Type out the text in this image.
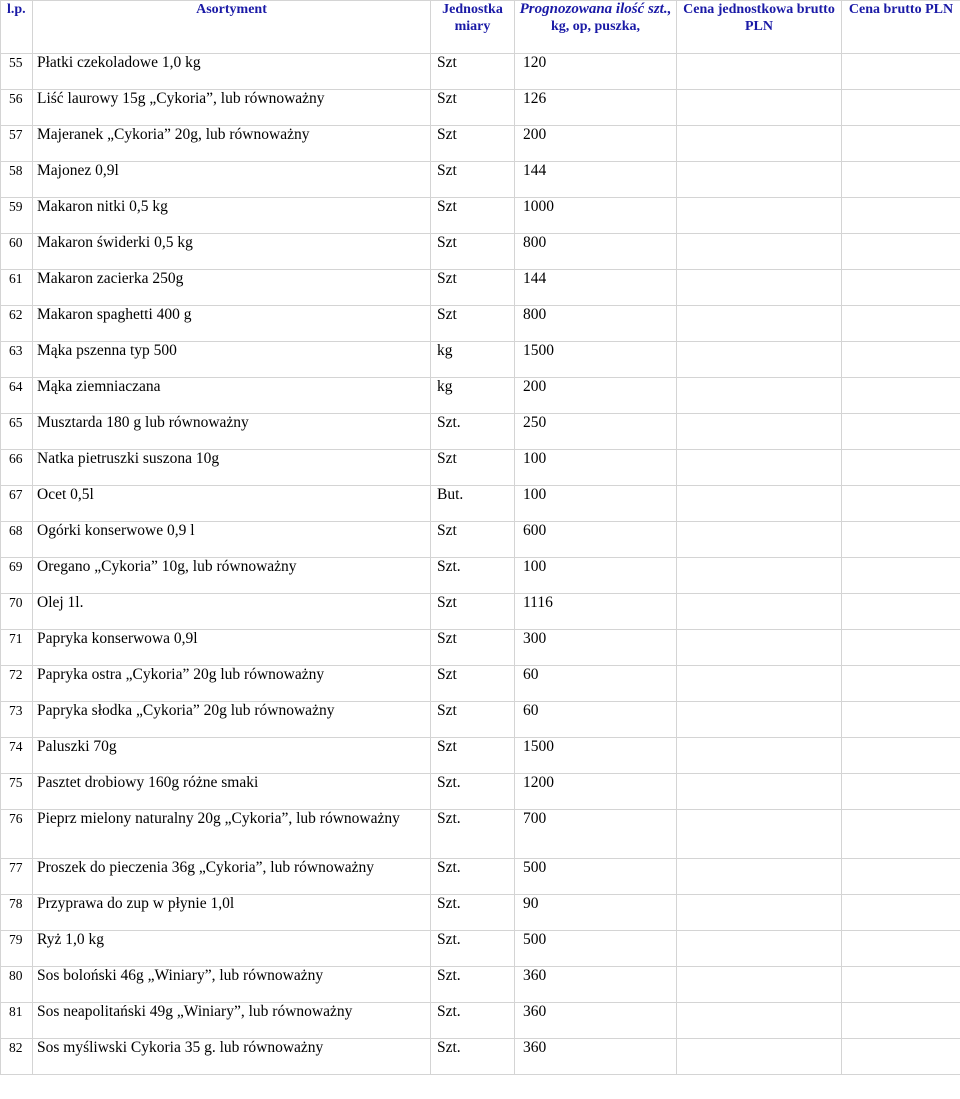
l.p.	Asortyment	Jednostka miary	Prognozowana ilość szt.,
kg, op, puszka,	Cena jednostkowa brutto PLN	Cena brutto PLN
55	Płatki czekoladowe 1,0 kg	Szt	120		
56	Liść laurowy 15g „Cykoria”, lub równoważny	Szt	126		
57	Majeranek „Cykoria” 20g, lub równoważny	Szt	200		
58	Majonez 0,9l	Szt	144		
59	Makaron nitki 0,5 kg	Szt	1000		
60	Makaron świderki 0,5 kg	Szt	800		
61	Makaron zacierka 250g	Szt	144		
62	Makaron spaghetti 400 g	Szt	800		
63	Mąka pszenna typ 500	kg	1500		
64	Mąka ziemniaczana	kg	200		
65	Musztarda 180 g lub równoważny	Szt.	250		
66	Natka pietruszki suszona 10g	Szt	100		
67	Ocet 0,5l	But.	100		
68	Ogórki konserwowe 0,9 l	Szt	600		
69	Oregano „Cykoria” 10g, lub równoważny	Szt.	100		
70	Olej 1l.	Szt	1116		
71	Papryka konserwowa 0,9l	Szt	300		
72	Papryka ostra „Cykoria” 20g lub równoważny	Szt	60		
73	Papryka słodka „Cykoria” 20g lub równoważny	Szt	60		
74	Paluszki 70g	Szt	1500		
75	Pasztet drobiowy 160g różne smaki	Szt.	1200		
76	Pieprz mielony naturalny 20g „Cykoria”, lub równoważny	Szt.	700		
77	Proszek do pieczenia 36g „Cykoria”, lub równoważny	Szt.	500		
78	Przyprawa do zup w płynie 1,0l	Szt.	90		
79	Ryż 1,0 kg	Szt.	500		
80	Sos boloński 46g „Winiary”, lub równoważny	Szt.	360		
81	Sos neapolitański 49g „Winiary”, lub równoważny	Szt.	360		
82	Sos myśliwski Cykoria 35 g. lub równoważny	Szt.	360		
